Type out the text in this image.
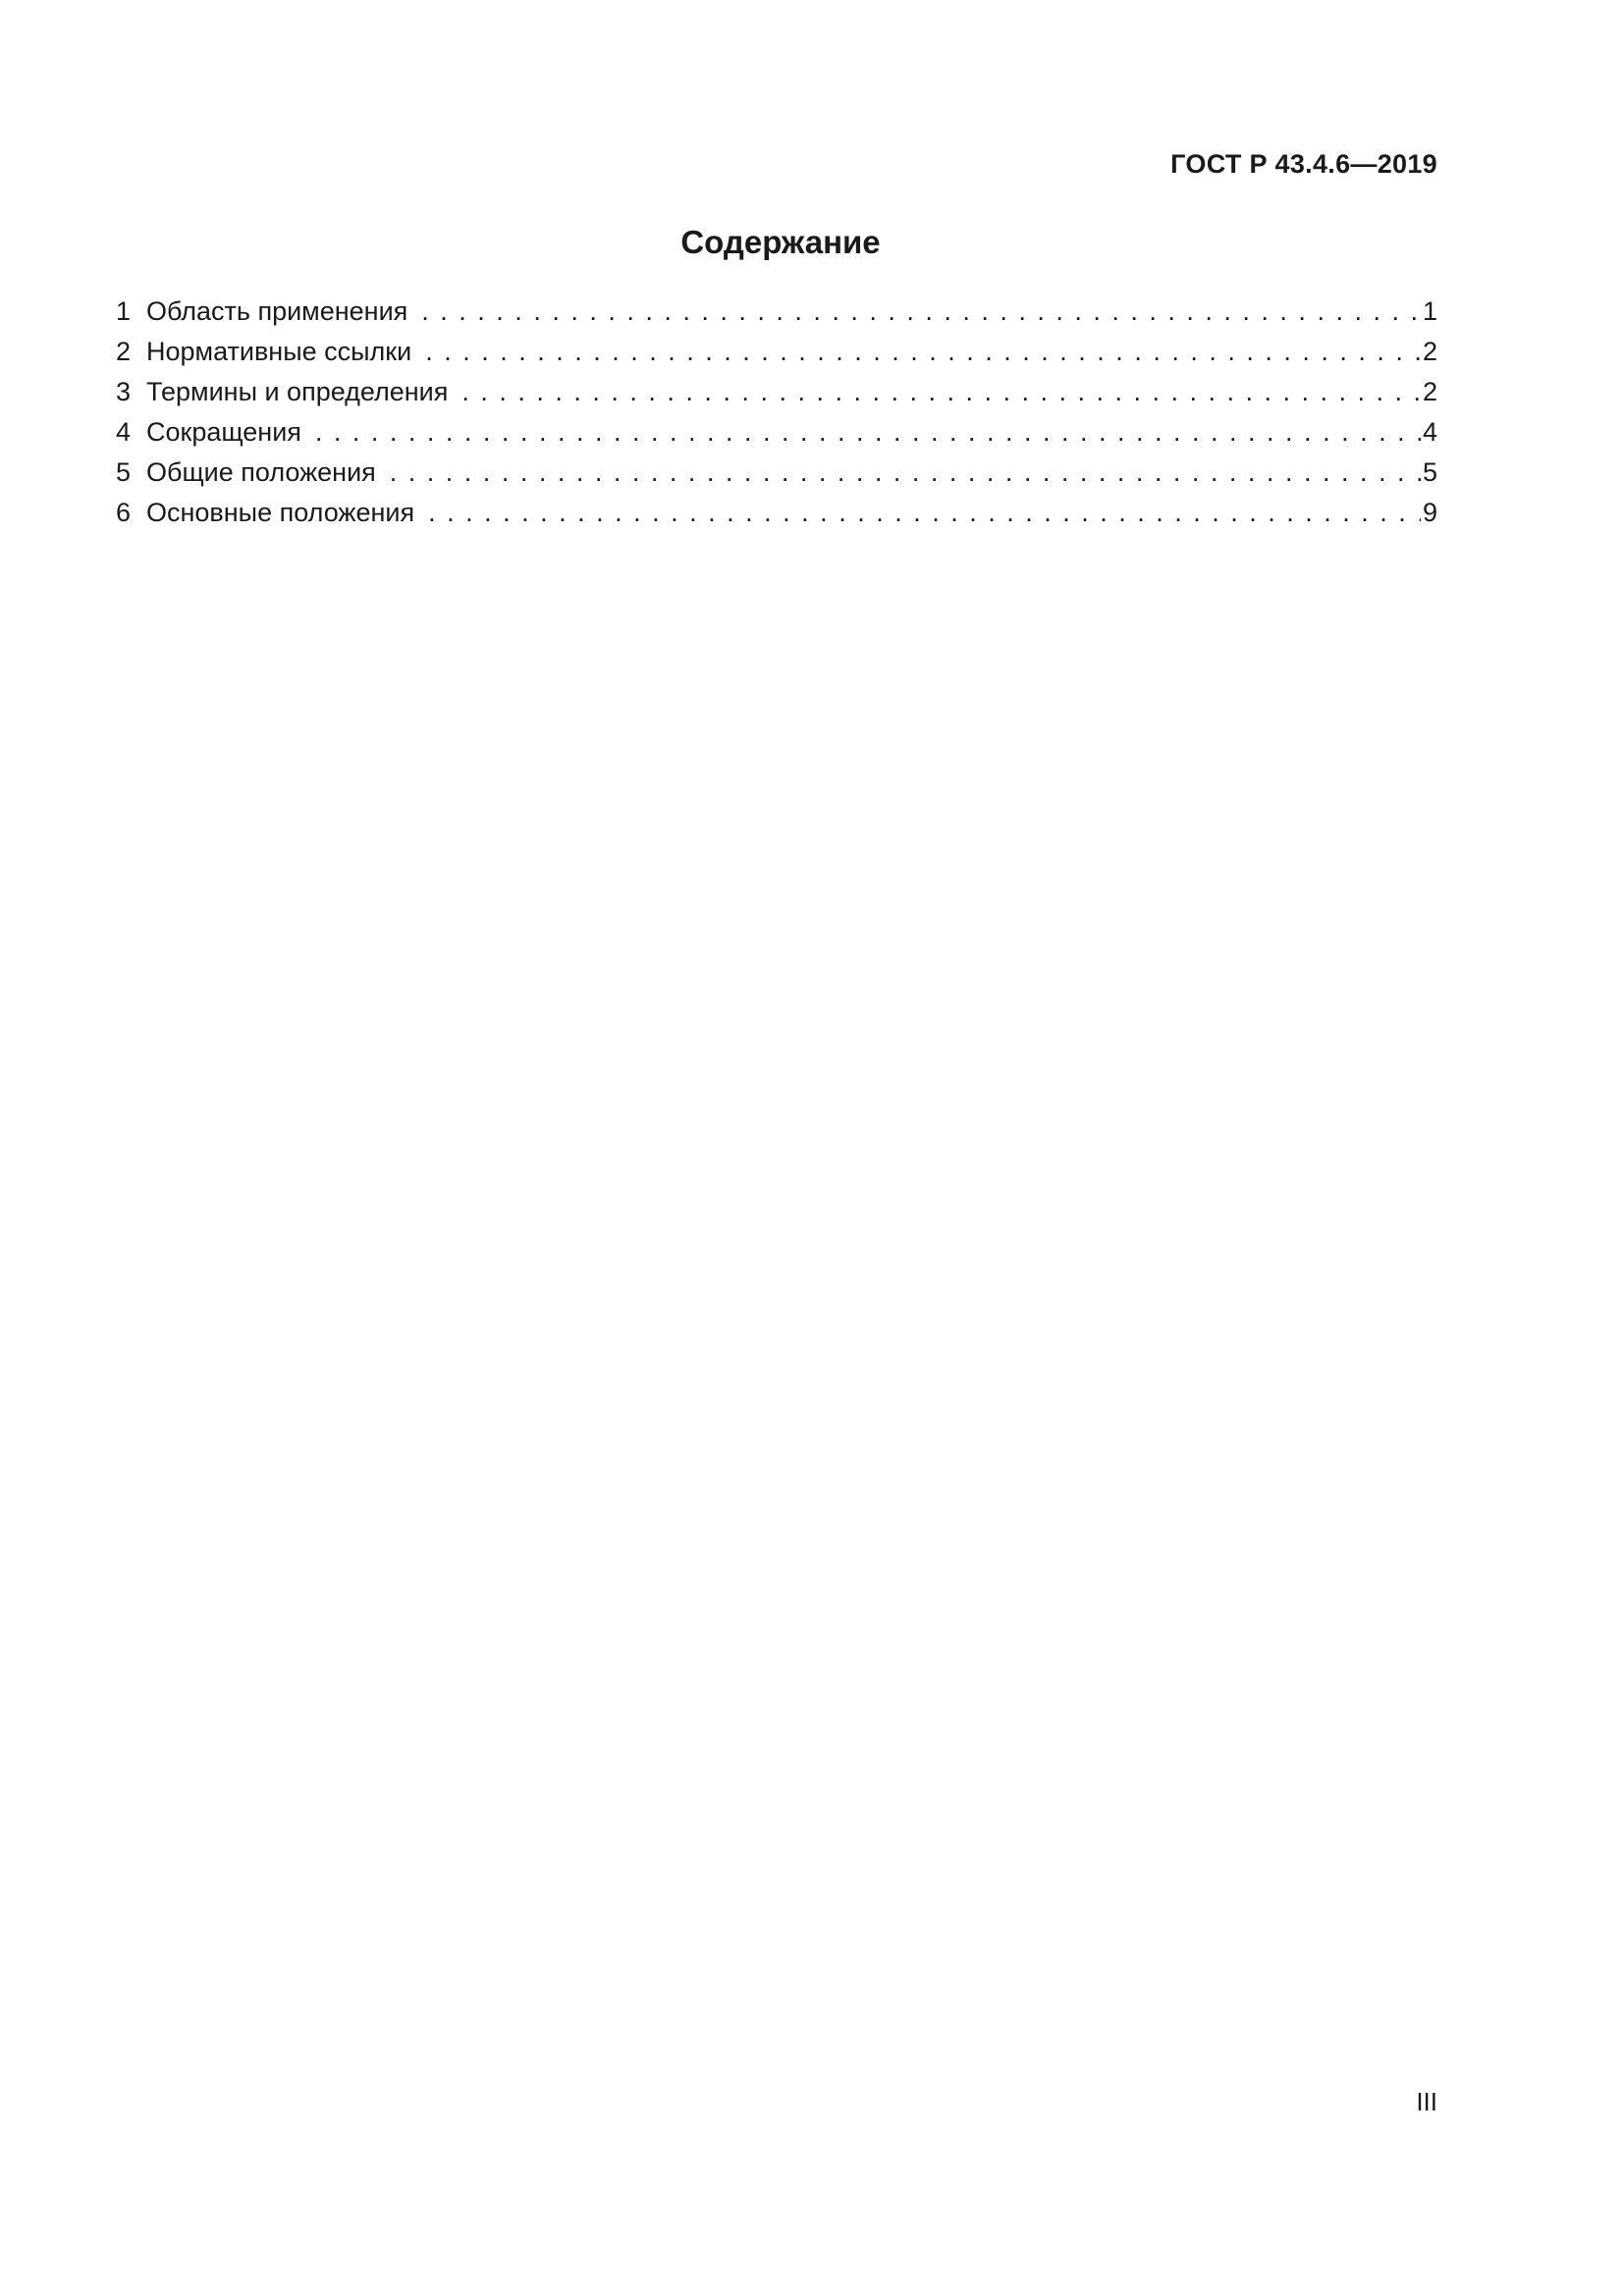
ГОСТ Р 43.4.6—2019
Содержание
1 Область применения . . .	1
2 Нормативные ссылки . . .	2
3 Термины и определения . . .	2
4 Сокращения . . .	4
5 Общие положения . . .	5
6 Основные положения . . .	9
III
